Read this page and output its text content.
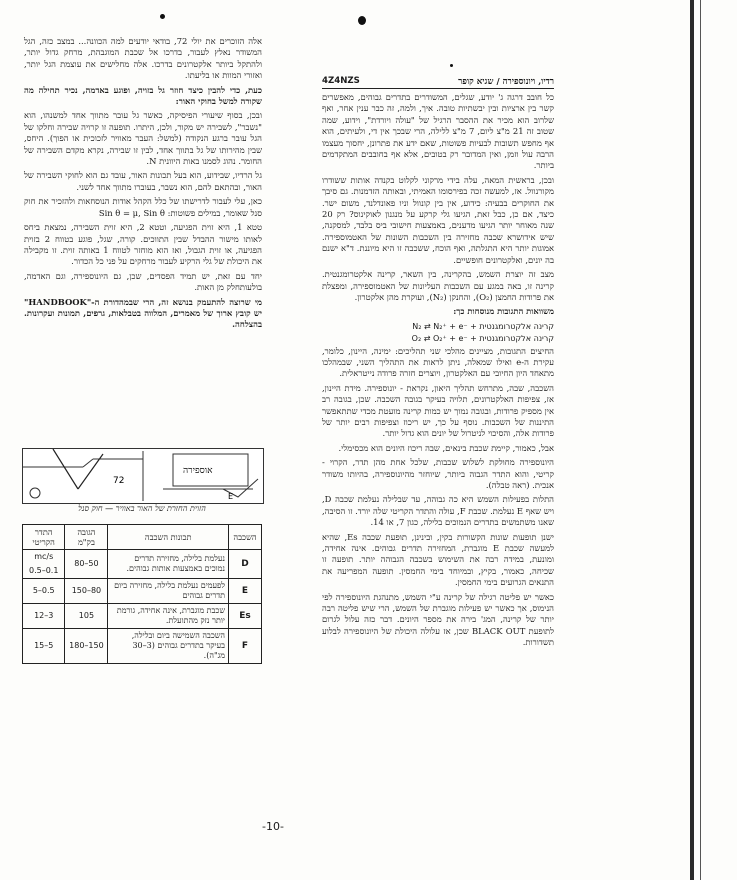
אלה הזוכרים את יולי 72, בודאי יודעים למה הכוונה... במצב כזה, הגל המשודר נאלץ לעבור, בדרכו אל שכבת המוגבהת, מרחק גדול יותר, ולהתקל ביותר אלקטרונים בדרכו. אלה מחלישים את עוצמת הגל יותר, ואזורי המוות או בליעתו.

כעת, כדי להבין כיצד חוזר גל בזויה, ופוגע באדמה, נכיר תחילה מה שקורה למשל בחוקי האור:

ובכן, בסוף שיעורי הפיסיקה, כאשר גל עובר מתווך אחד למשנהו, הוא "נשבר", לשבירה יש מקור, ולכן, היתרו. תופעה זו קרויה שבירה וחלקו של הגל עובר ברגע הנקודה (למשל: העבר מאוויר לזכוכית או הפוך). היחס, שבין מהירותו של גל בתווך אחד, לבין זו שבירה, נקרא מקדם השבירה של החומר. נהוג לסמנו באות היוונית N.

גל הרדיו, שבידוע, הוא בעל תכונות האור, עובד גם הוא לחוקי השבירה של האור, ובהתאם להם, הוא נשבר, בעוברו מתווך אחד לשני.

כאן, עלי לעבור לדרישתו של כלל הקהל אודות הנוסחאות ולהזכיר את חוק סנל שאומר, במילים פשוטות: Sin θ = μ, Sin θ

טטא 1, היא זוית הפגיעה, וטטא 2, היא זוית השבירה, נמצאת ביחס לאותו מישור ההבדל שבין התווכים. קורה, שגל, פוגע בטווח 2 בזוית הפגיעה, או זוית הגבול, ואז הוא מוחזר לטווח 1 באותה זוית. זו מקבילה את היכולת של גלי הרקיע לעבור מרחקים על פני כל הכדור.

יחד עם זאת, יש תמיד הפסדים, שכן, גם היונוספירה, וגם האדמה, בולעותחלק מן האות.

מי שרוצה להתעמק בנושא זה, הרי שבמהדורת ה-"HANDBOOK" יש קובץ ארוך של מאמרים, המלווה בטבלאות, גרפים, תמונות ועקרונות. בהצלחה.

אוספירה
72
E
הזוית החזרת של האור באוויר — חוק סנל
השכבה	תכונות השכבה	הגובה בק"מ	התדר הקריטי
D	נעלמת בלילה, מחזירה תדרים נמוכים באמצעות אותות גבוהים.	80–50	mc/s
0.5–0.1

E	לפעמים נעלמת בלילה, מחזירה ביום תדרים גבוהים	150–80	5–0.5
Es	שכבת מוגברת, אינה אחידה, גורמת יותר נזק מהתועלת.	105	12–3
F	השכבה השמישה ביום ובלילה, בעיקר בתדרים גבוהים (3–30 מג"ה).	180–150	15–5
רדיו, ויונוספירה / שגיא קופר
4Z4NZS

כל חובב דרגה ג' יודע, שגלים, המשודרים בתדרים גבוהים, מאפשרים קשר בין ארציות ובין יבשתיות טובה. איך, ולמה, זה כבר ענין אחר, ואף שלרוב הוא מכיר את ההסבר הרגיל של "עולה ויורדת", וידוע, שמה שטוב זה 21 מ"צ ליום, 7 מ"צ ללילה, הרי שבכך אין די, ולעיתים, הוא אף מחפש תשובות לבעיות פשוטות, שאם ידע את פתרונן, יחסוך מעצמו הרבה עול וזמן, ואין המדובר רק בטובים, אלא אף בחובבים המתקדמים ביותר.

ובכן, בראשית המאה, עלה בידי מרקוני לקלוט בקנדה אותות ששודרו מקורנוול. אז, למעשה זכה בפירסומו האמיתי, ובאותה הזדמנות. גם סיבך את החוקרים בבעיה: כידוע, אין בין קונוול וניו פאונדלנד, משום ישר. כיצד, אם כן, כבל זאת, הגיעו גלי קרקע על מנגנון לאוקינוס? רק 20 שנה מאוחר יותר הגיעו מדענים, באמצעות חישובי ביס בלבד, למסקנה, שיש אידושרא שכבה מחזירה בין השכבות השונות של האטמוספירה. אמוגות יותר היא התגלתה, ואף הוכח, ששכבה זו היא מיוננת. ד"א ישנם בה יונים, ואלקטרונים חופשיים.

מצב זה יוצרת השמש, בהקרינה, בין השאר, קרינה אלקטרומגנטית. קרינה זו, באה במגע עם השכבות העליונות של האטמוספירה, ומפצלת את פרודות החמצן (O₂), והחנקן (N₂), ועוקרת מהן אלקטרון.

משוואות התגובות מנוסחות כך:

N₂ ⇄ N₂⁺ + e⁻ + קרינה אלקטרומגנטית
O₂ ⇄ O₂⁺ + e⁻ + קרינה אלקטרומגנטית

החיצים התגובות, מציינים מהלכי שני תהליכים: ימינה, היינון, כלומר, עקירת ה-e ואילו שמאלה, ניתן לראות את התהליך השני, שבמהלכו מתאחד היון החיובי עם האלקטרון, ויוצרים חזרה פרודה נייטראלית.

השכבה, שבה, מתרחש תהליך היאון, נקראת - יונוספירה. מידת היינון, אז, צפיפות האלקטרונים, תלויה בעיקר בגובה השכבה. שכן, בגובה רב אין מספיק פרודות, ובגובה נמוך יש כמות קרינה מועטת מכדי שתתאפשר התיננות של השכבות. נוסף על כך, יש ריכוז וצפיפות רבים יותר של פרודות אלה, והסיכוי לניטרול של יונים הוא גדול יותר.

אבל, כאמור, קיימת שכבת בינאים, שבה ריכוז היונים הוא מכסימלי.

היונוספירה מחולקת לשלוש שכבות, שלכל אחת מהן תדר, הקרוי - קריטי, והוא התדר הגבוה ביותר, שיוחזר מהיונוספירה, בהיותו משודר אנכית. (ראה טבלה).

התלות בפעילות השמש היא כה גבוהה, עד שבלילה נעלמת שכבה D, ויש שאף E נעלמת. שכבת F, עולה והתדר הקריטי שלה יורד. זו הסיבה, שאנו משתמשים בתדרים הנמוכים בלילה, כגון 7, או 14.

ישנן תופעות שונות הקשורות בקין, ובינינן, תופעת שכבה Es, שהיא למעשה שכבת E מוגברת, המחזירה תדרים גבוהים. אינה אחידה, ומונעת, במידה רבה את השימוש בשכבה הגבוהה יותר. תופעה זו שכיחה, כאמור, בקיץ, ובמיוחד בימי החמסין. תופעה המפריעה את התנאים הגרועים בימי החמסין.

כאשר יש פליטה רגילה של קרינה ע"י השמש, מתנהגת היונוספירה לפי הנימוס, אך כאשר יש פעילות מוגברת של השמש, הרי שיש פליטה רבה יותר של קרינה, המג' בירה את מספר היונים. דבר כזה עלול לגרום לתופעת BLACK OUT שכן, אז עלולה היכולת של היונוספירה לבלוע תשדורות.

-10-
